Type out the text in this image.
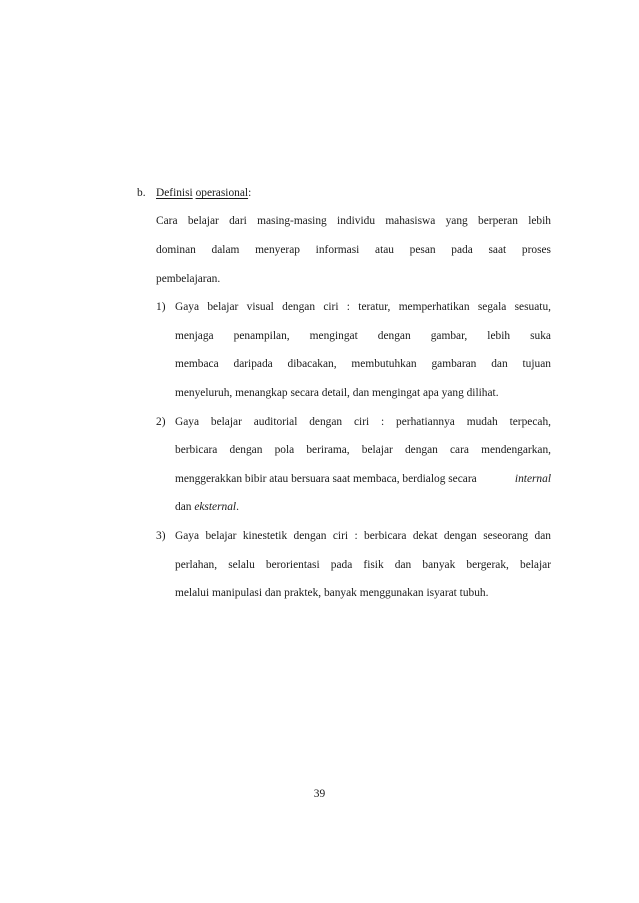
b. Definisi operasional:
Cara belajar dari masing-masing individu mahasiswa yang berperan lebih
dominan dalam menyerap informasi atau pesan pada saat proses
pembelajaran.
1) Gaya belajar visual dengan ciri : teratur, memperhatikan segala sesuatu,
menjaga penampilan, mengingat dengan gambar, lebih suka
membaca daripada dibacakan, membutuhkan gambaran dan tujuan
menyeluruh, menangkap secara detail, dan mengingat apa yang dilihat.
2) Gaya belajar auditorial dengan ciri : perhatiannya mudah terpecah,
berbicara dengan pola berirama, belajar dengan cara mendengarkan,
menggerakkan bibir atau bersuara saat membaca, berdialog secara	internal
dan eksternal.
3) Gaya belajar kinestetik dengan ciri : berbicara dekat dengan seseorang dan
perlahan, selalu berorientasi pada fisik dan banyak bergerak, belajar
melalui manipulasi dan praktek, banyak menggunakan isyarat tubuh.
39
